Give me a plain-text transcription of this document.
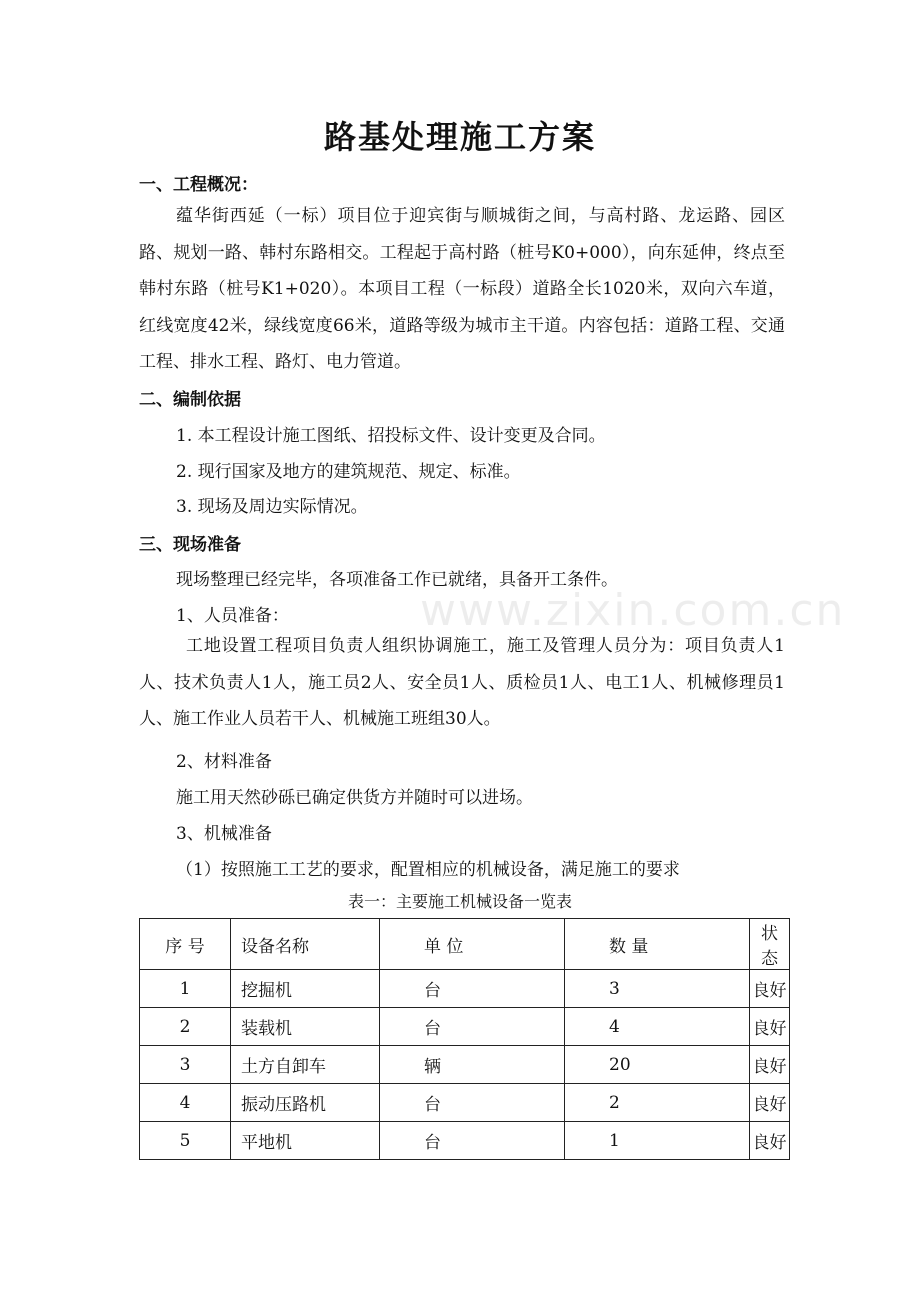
www.zixin.com.cn
路基处理施工方案
一、工程概况：
蕴华街西延（一标）项目位于迎宾街与顺城街之间，与高村路、龙运路、园区路、规划一路、韩村东路相交。工程起于高村路（桩号K0+000），向东延伸，终点至韩村东路（桩号K1+020）。本项目工程（一标段）道路全长1020米，双向六车道，红线宽度42米，绿线宽度66米，道路等级为城市主干道。内容包括：道路工程、交通工程、排水工程、路灯、电力管道。
二、编制依据
1. 本工程设计施工图纸、招投标文件、设计变更及合同。
2. 现行国家及地方的建筑规范、规定、标准。
3. 现场及周边实际情况。
三、现场准备
现场整理已经完毕，各项准备工作已就绪，具备开工条件。
1、人员准备：
工地设置工程项目负责人组织协调施工，施工及管理人员分为：项目负责人1人、技术负责人1人，施工员2人、安全员1人、质检员1人、电工1人、机械修理员1人、施工作业人员若干人、机械施工班组30人。
2、材料准备
施工用天然砂砾已确定供货方并随时可以进场。
3、机械准备
（1）按照施工工艺的要求，配置相应的机械设备，满足施工的要求
表一：主要施工机械设备一览表
序 号	设备名称	单 位	数 量	状 态
1	挖掘机	台	3	良好
2	装载机	台	4	良好
3	土方自卸车	辆	20	良好
4	振动压路机	台	2	良好
5	平地机	台	1	良好
